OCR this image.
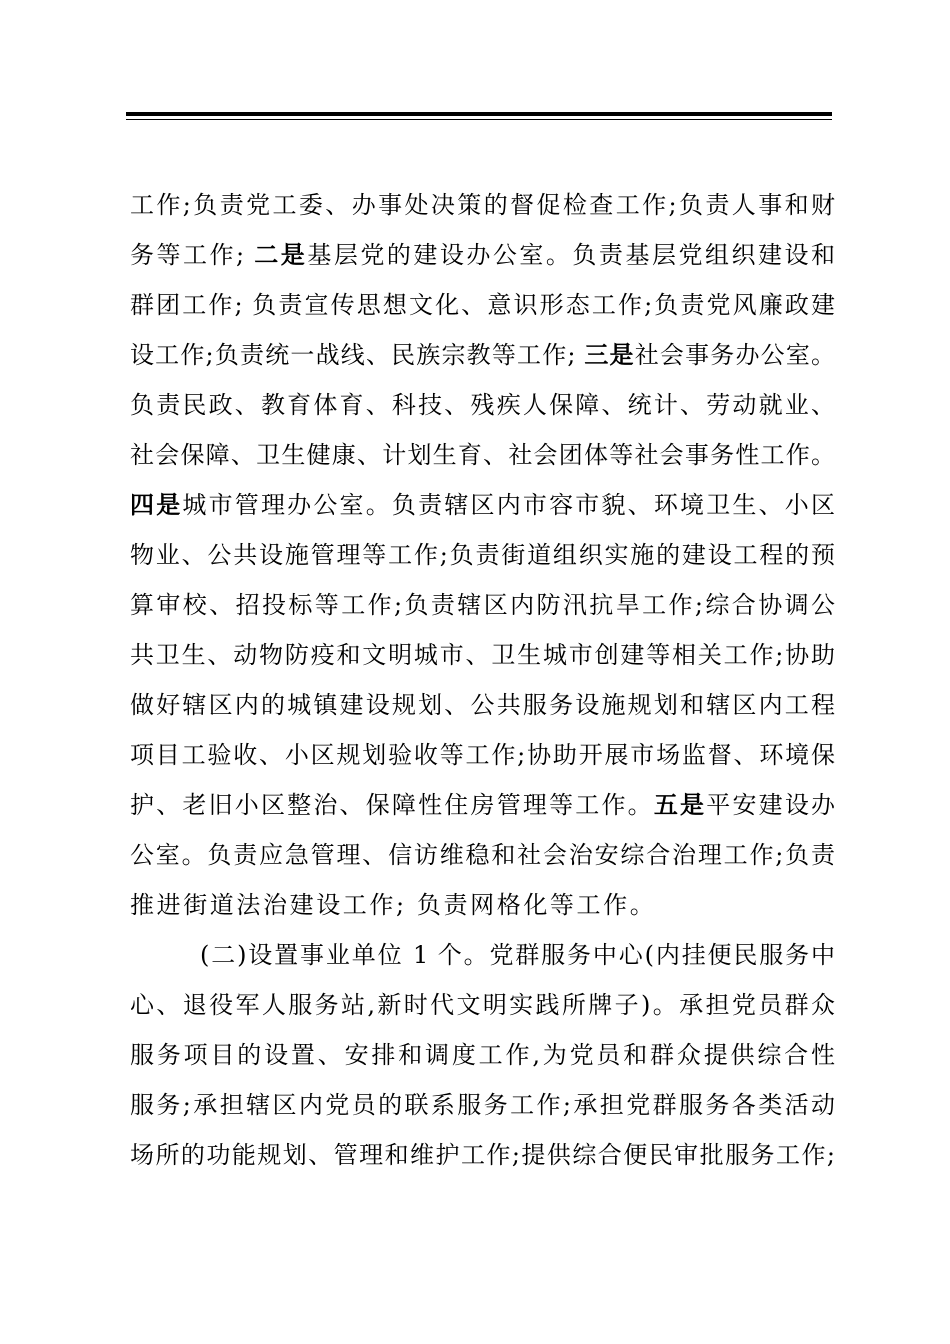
工作;负责党工委、办事处决策的督促检查工作;负责人事和财
务等工作; 二是基层党的建设办公室。负责基层党组织建设和
群团工作; 负责宣传思想文化、意识形态工作;负责党风廉政建
设工作;负责统一战线、民族宗教等工作; 三是社会事务办公室。
负责民政、教育体育、科技、残疾人保障、统计、劳动就业、
社会保障、卫生健康、计划生育、社会团体等社会事务性工作。
四是城市管理办公室。负责辖区内市容市貌、环境卫生、小区
物业、公共设施管理等工作;负责街道组织实施的建设工程的预
算审校、招投标等工作;负责辖区内防汛抗旱工作;综合协调公
共卫生、动物防疫和文明城市、卫生城市创建等相关工作;协助
做好辖区内的城镇建设规划、公共服务设施规划和辖区内工程
项目工验收、小区规划验收等工作;协助开展市场监督、环境保
护、老旧小区整治、保障性住房管理等工作。五是平安建设办
公室。负责应急管理、信访维稳和社会治安综合治理工作;负责
推进街道法治建设工作; 负责网格化等工作。
(二)设置事业单位 1 个。党群服务中心(内挂便民服务中
心、退役军人服务站,新时代文明实践所牌子)。承担党员群众
服务项目的设置、安排和调度工作,为党员和群众提供综合性
服务;承担辖区内党员的联系服务工作;承担党群服务各类活动
场所的功能规划、管理和维护工作;提供综合便民审批服务工作;
